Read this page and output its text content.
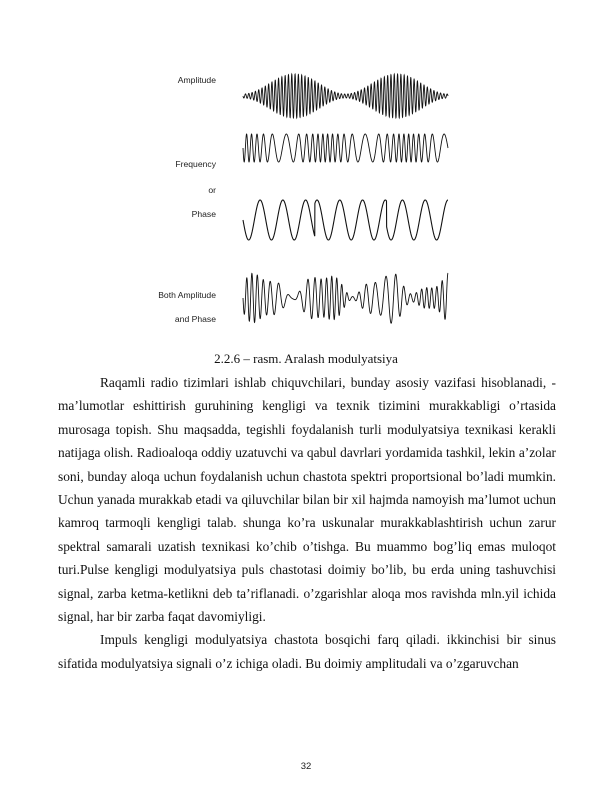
Amplitude
Frequency
or
Phase
Both Amplitude
and Phase
2.2.6 – rasm. Aralash modulyatsiya

Raqamli radio tizimlari ishlab chiquvchilari, bunday asosiy vazifasi hisoblanadi, - ma’lumotlar eshittirish guruhining kengligi va texnik tizimini murakkabligi o’rtasida murosaga topish. Shu maqsadda, tegishli foydalanish turli modulyatsiya texnikasi kerakli natijaga olish. Radioaloqa oddiy uzatuvchi va qabul davrlari yordamida tashkil, lekin a’zolar soni, bunday aloqa uchun foydalanish uchun chastota spektri proportsional bo’ladi mumkin. Uchun yanada murakkab etadi va qiluvchilar bilan bir xil hajmda namoyish ma’lumot uchun kamroq tarmoqli kengligi talab. shunga ko’ra uskunalar murakkablashtirish uchun zarur spektral samarali uzatish texnikasi ko’chib o’tishga. Bu muammo bog’liq emas muloqot turi.Pulse kengligi modulyatsiya puls chastotasi doimiy bo’lib, bu erda uning tashuvchisi signal, zarba ketma-ketlikni deb ta’riflanadi. o’zgarishlar aloqa mos ravishda mln.yil ichida signal, har bir zarba faqat davomiyligi.

Impuls kengligi modulyatsiya chastota bosqichi farq qiladi. ikkinchisi bir sinus sifatida modulyatsiya signali o’z ichiga oladi. Bu doimiy amplitudali va o’zgaruvchan

32
